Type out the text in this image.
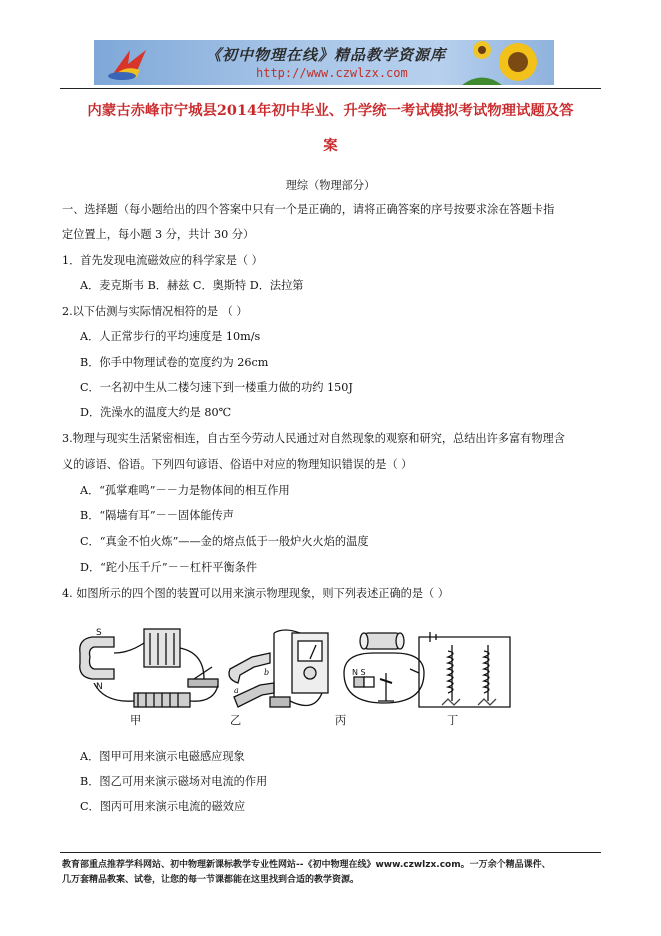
《初中物理在线》精品教学资源库
http://www.czwlzx.com
内蒙古赤峰市宁城县2014年初中毕业、升学统一考试模拟考试物理试题及答
案
理综（物理部分）
一、选择题（每小题给出的四个答案中只有一个是正确的，请将正确答案的序号按要求涂在答题卡指
定位置上，每小题 3 分，共计 30 分）
1．首先发现电流磁效应的科学家是（ ）
A．麦克斯韦 B．赫兹 C．奥斯特 D．法拉第
2.以下估测与实际情况相符的是 （ ）
A．人正常步行的平均速度是 10m/s
B．你手中物理试卷的宽度约为 26cm
C．一名初中生从二楼匀速下到一楼重力做的功约 150J
D．洗澡水的温度大约是 80℃
3.物理与现实生活紧密相连，自古至今劳动人民通过对自然现象的观察和研究，总结出许多富有物理含
义的谚语、俗语。下列四句谚语、俗语中对应的物理知识错误的是（ ）
A．“孤掌难鸣”－－力是物体间的相互作用
B．“隔墙有耳”－－固体能传声
C．“真金不怕火炼”——金的熔点低于一般炉火火焰的温度
D．“跎小压千斤”－－杠杆平衡条件
4. 如图所示的四个图的装置可以用来演示物理现象，则下列表述正确的是（ ）
S
N	a
b	N S
甲	乙	丙	丁
A．图甲可用来演示电磁感应现象
B．图乙可用来演示磁场对电流的作用
C．图丙可用来演示电流的磁效应
教育部重点推荐学科网站、初中物理新课标教学专业性网站--《初中物理在线》www.czwlzx.com。一万余个精品课件、
几万套精品教案、试卷，让您的每一节课都能在这里找到合适的教学资源。
